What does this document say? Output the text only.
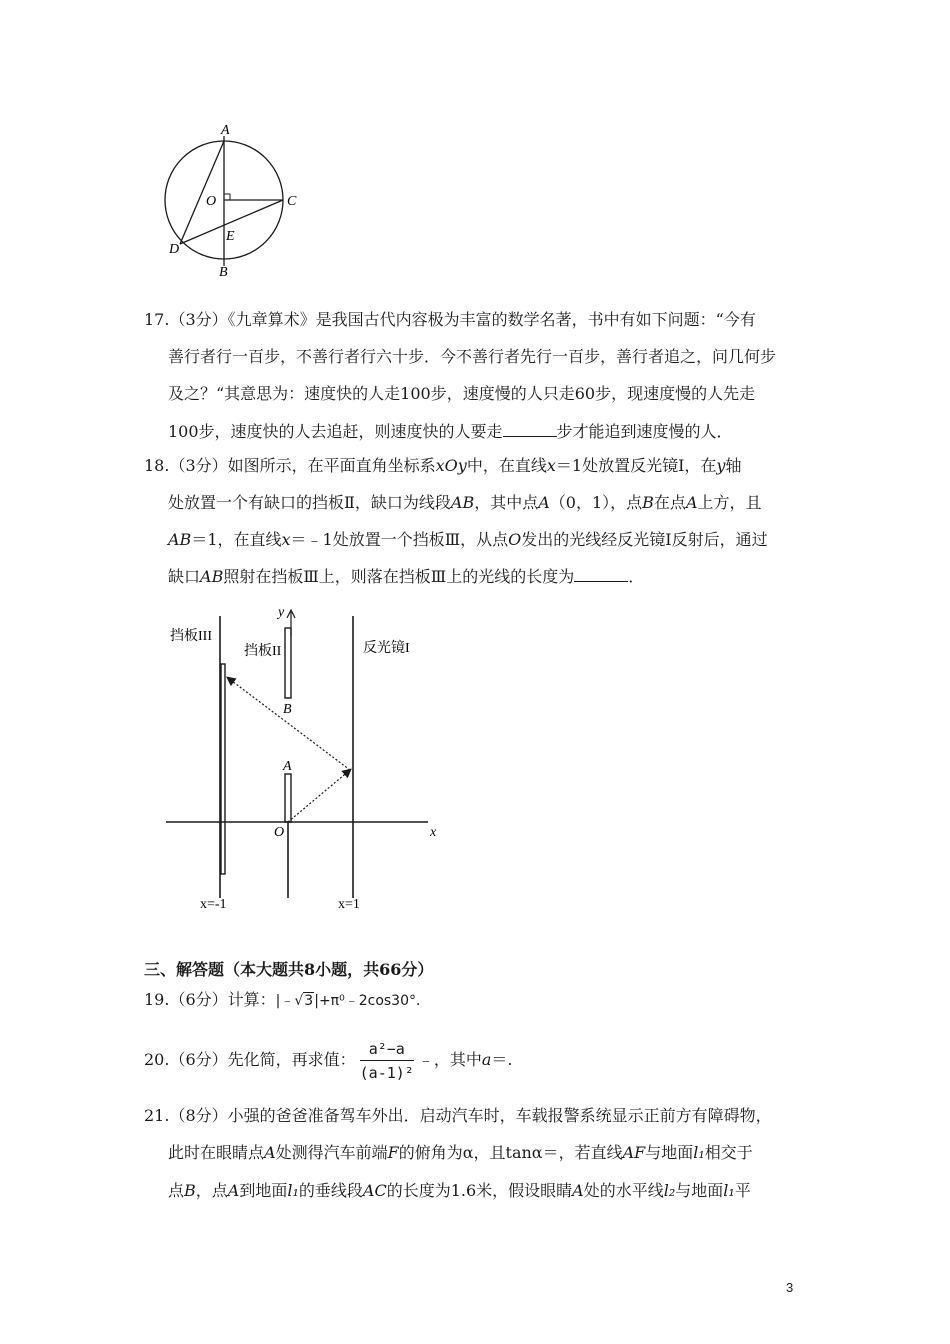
A
O	C
D
E
B
17.（3分）《九章算术》是我国古代内容极为丰富的数学名著，书中有如下问题：“今有
善行者行一百步，不善行者行六十步．今不善行者先行一百步，善行者追之，问几何步
及之？“其意思为：速度快的人走100步，速度慢的人只走60步，现速度慢的人先走
100步，速度快的人去追赶，则速度快的人要走	步才能追到速度慢的人．
18.（3分）如图所示，在平面直角坐标系xOy中，在直线x＝1处放置反光镜Ⅰ，在y轴
处放置一个有缺口的挡板Ⅱ，缺口为线段AB，其中点A（0，1），点B在点A上方，且
AB＝1，在直线x＝﹣1处放置一个挡板Ⅲ，从点O发出的光线经反光镜Ⅰ反射后，通过
缺口AB照射在挡板Ⅲ上，则落在挡板Ⅲ上的光线的长度为	．
挡板III
挡板II	反光镜I
y
B
A
O	x
x=-1	x=1
三、解答题（本大题共8小题，共66分）
19.（6分）计算：|﹣√3|+π⁰﹣2cos30°．
20.（6分）先化简，再求值： $\frac{\text{a²−a}}{\text{(a-1)²}}$ ﹣，其中a＝.
21.（8分）小强的爸爸准备驾车外出．启动汽车时，车载报警系统显示正前方有障碍物，
此时在眼睛点A处测得汽车前端F的俯角为α，且tanα＝，若直线AF与地面l₁相交于
点B，点A到地面l₁的垂线段AC的长度为1.6米，假设眼睛A处的水平线l₂与地面l₁平
3
